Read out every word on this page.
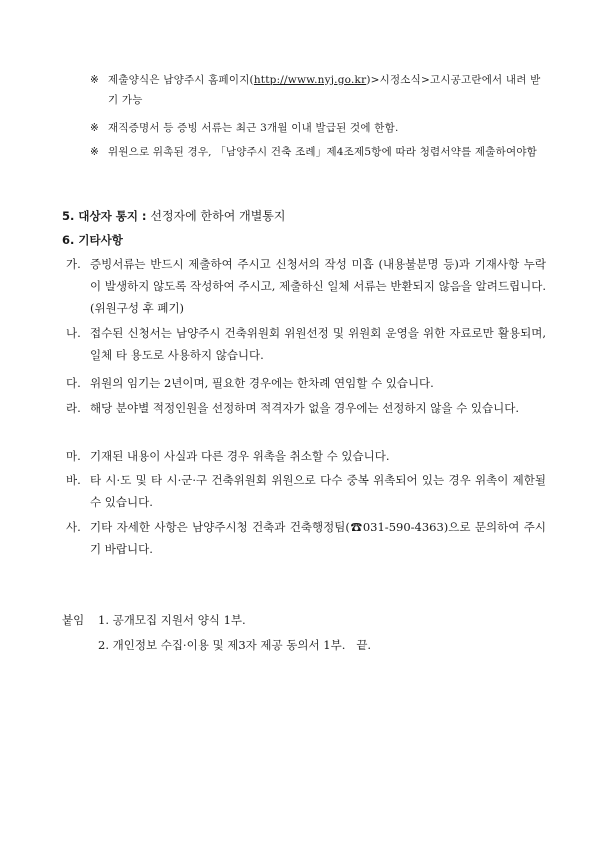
※ 제출양식은 남양주시 홈페이지(http://www.nyj.go.kr)>시정소식>고시공고란에서 내려 받기 가능
※ 재직증명서 등 증빙 서류는 최근 3개월 이내 발급된 것에 한함.
※ 위원으로 위촉된 경우, 「남양주시 건축 조례」제4조제5항에 따라 청렴서약를 제출하여야함
5. 대상자 통지 : 선정자에 한하여 개별통지
6. 기타사항
가. 증빙서류는 반드시 제출하여 주시고 신청서의 작성 미흡 (내용불분명 등)과 기재사항 누락이 발생하지 않도록 작성하여 주시고, 제출하신 일체 서류는 반환되지 않음을 알려드립니다.(위원구성 후 폐기)
나. 접수된 신청서는 남양주시 건축위원회 위원선정 및 위원회 운영을 위한 자료로만 활용되며, 일체 타 용도로 사용하지 않습니다.
다. 위원의 임기는 2년이며, 필요한 경우에는 한차례 연임할 수 있습니다.
라. 해당 분야별 적정인원을 선정하며 적격자가 없을 경우에는 선정하지 않을 수 있습니다.
마. 기재된 내용이 사실과 다른 경우 위촉을 취소할 수 있습니다.
바. 타 시·도 및 타 시·군·구 건축위원회 위원으로 다수 중복 위촉되어 있는 경우 위촉이 제한될 수 있습니다.
사. 기타 자세한 사항은 남양주시청 건축과 건축행정팀(☎031-590-4363)으로 문의하여 주시기 바랍니다.
붙임 1. 공개모집 지원서 양식 1부.
2. 개인정보 수집·이용 및 제3자 제공 동의서 1부.   끝.
